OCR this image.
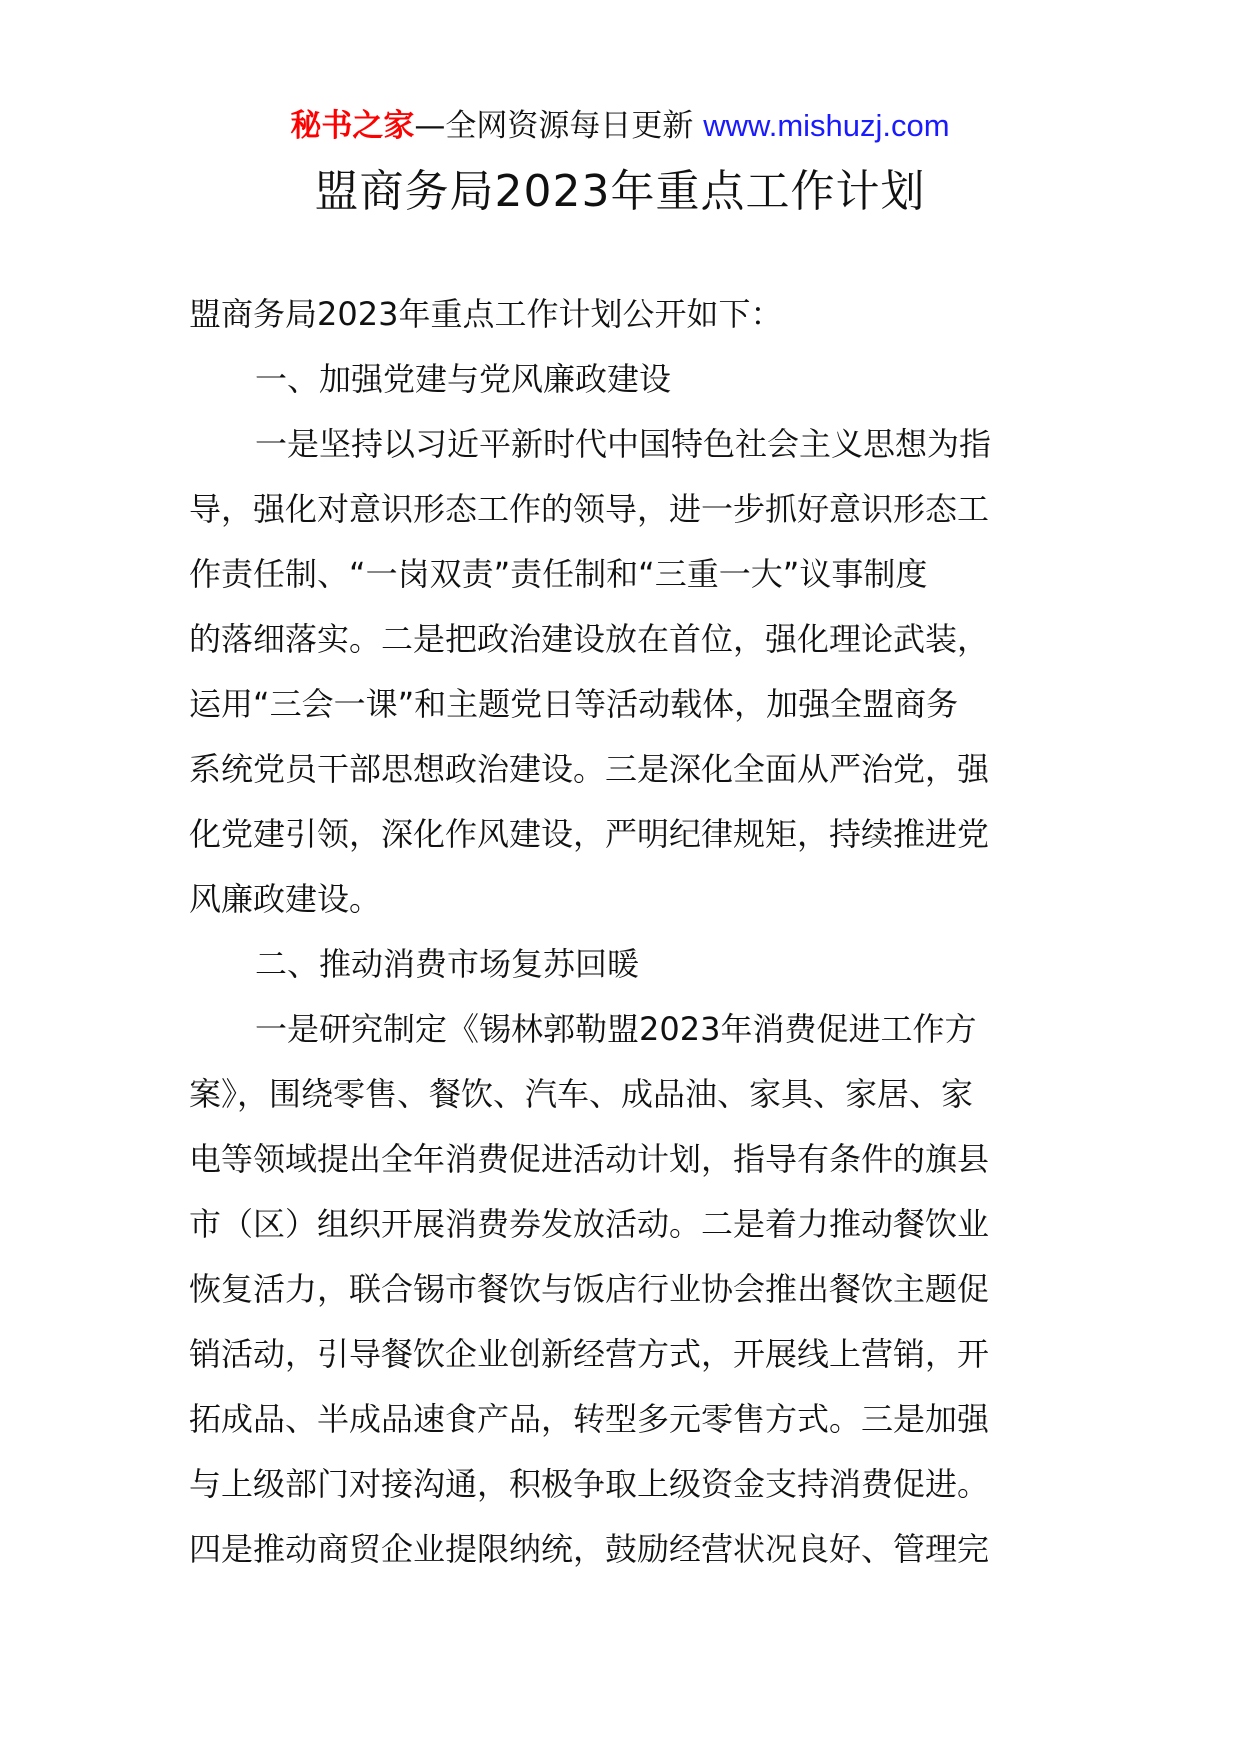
秘书之家—全网资源每日更新 www.mishuzj.com
盟商务局2023年重点工作计划
盟商务局2023年重点工作计划公开如下：
一、加强党建与党风廉政建设
一是坚持以习近平新时代中国特色社会主义思想为指
导，强化对意识形态工作的领导，进一步抓好意识形态工
作责任制、“一岗双责”责任制和“三重一大”议事制度
的落细落实。二是把政治建设放在首位，强化理论武装，
运用“三会一课”和主题党日等活动载体，加强全盟商务
系统党员干部思想政治建设。三是深化全面从严治党，强
化党建引领，深化作风建设，严明纪律规矩，持续推进党
风廉政建设。
二、推动消费市场复苏回暖
一是研究制定《锡林郭勒盟2023年消费促进工作方
案》，围绕零售、餐饮、汽车、成品油、家具、家居、家
电等领域提出全年消费促进活动计划，指导有条件的旗县
市（区）组织开展消费券发放活动。二是着力推动餐饮业
恢复活力，联合锡市餐饮与饭店行业协会推出餐饮主题促
销活动，引导餐饮企业创新经营方式，开展线上营销，开
拓成品、半成品速食产品，转型多元零售方式。三是加强
与上级部门对接沟通，积极争取上级资金支持消费促进。
四是推动商贸企业提限纳统，鼓励经营状况良好、管理完
